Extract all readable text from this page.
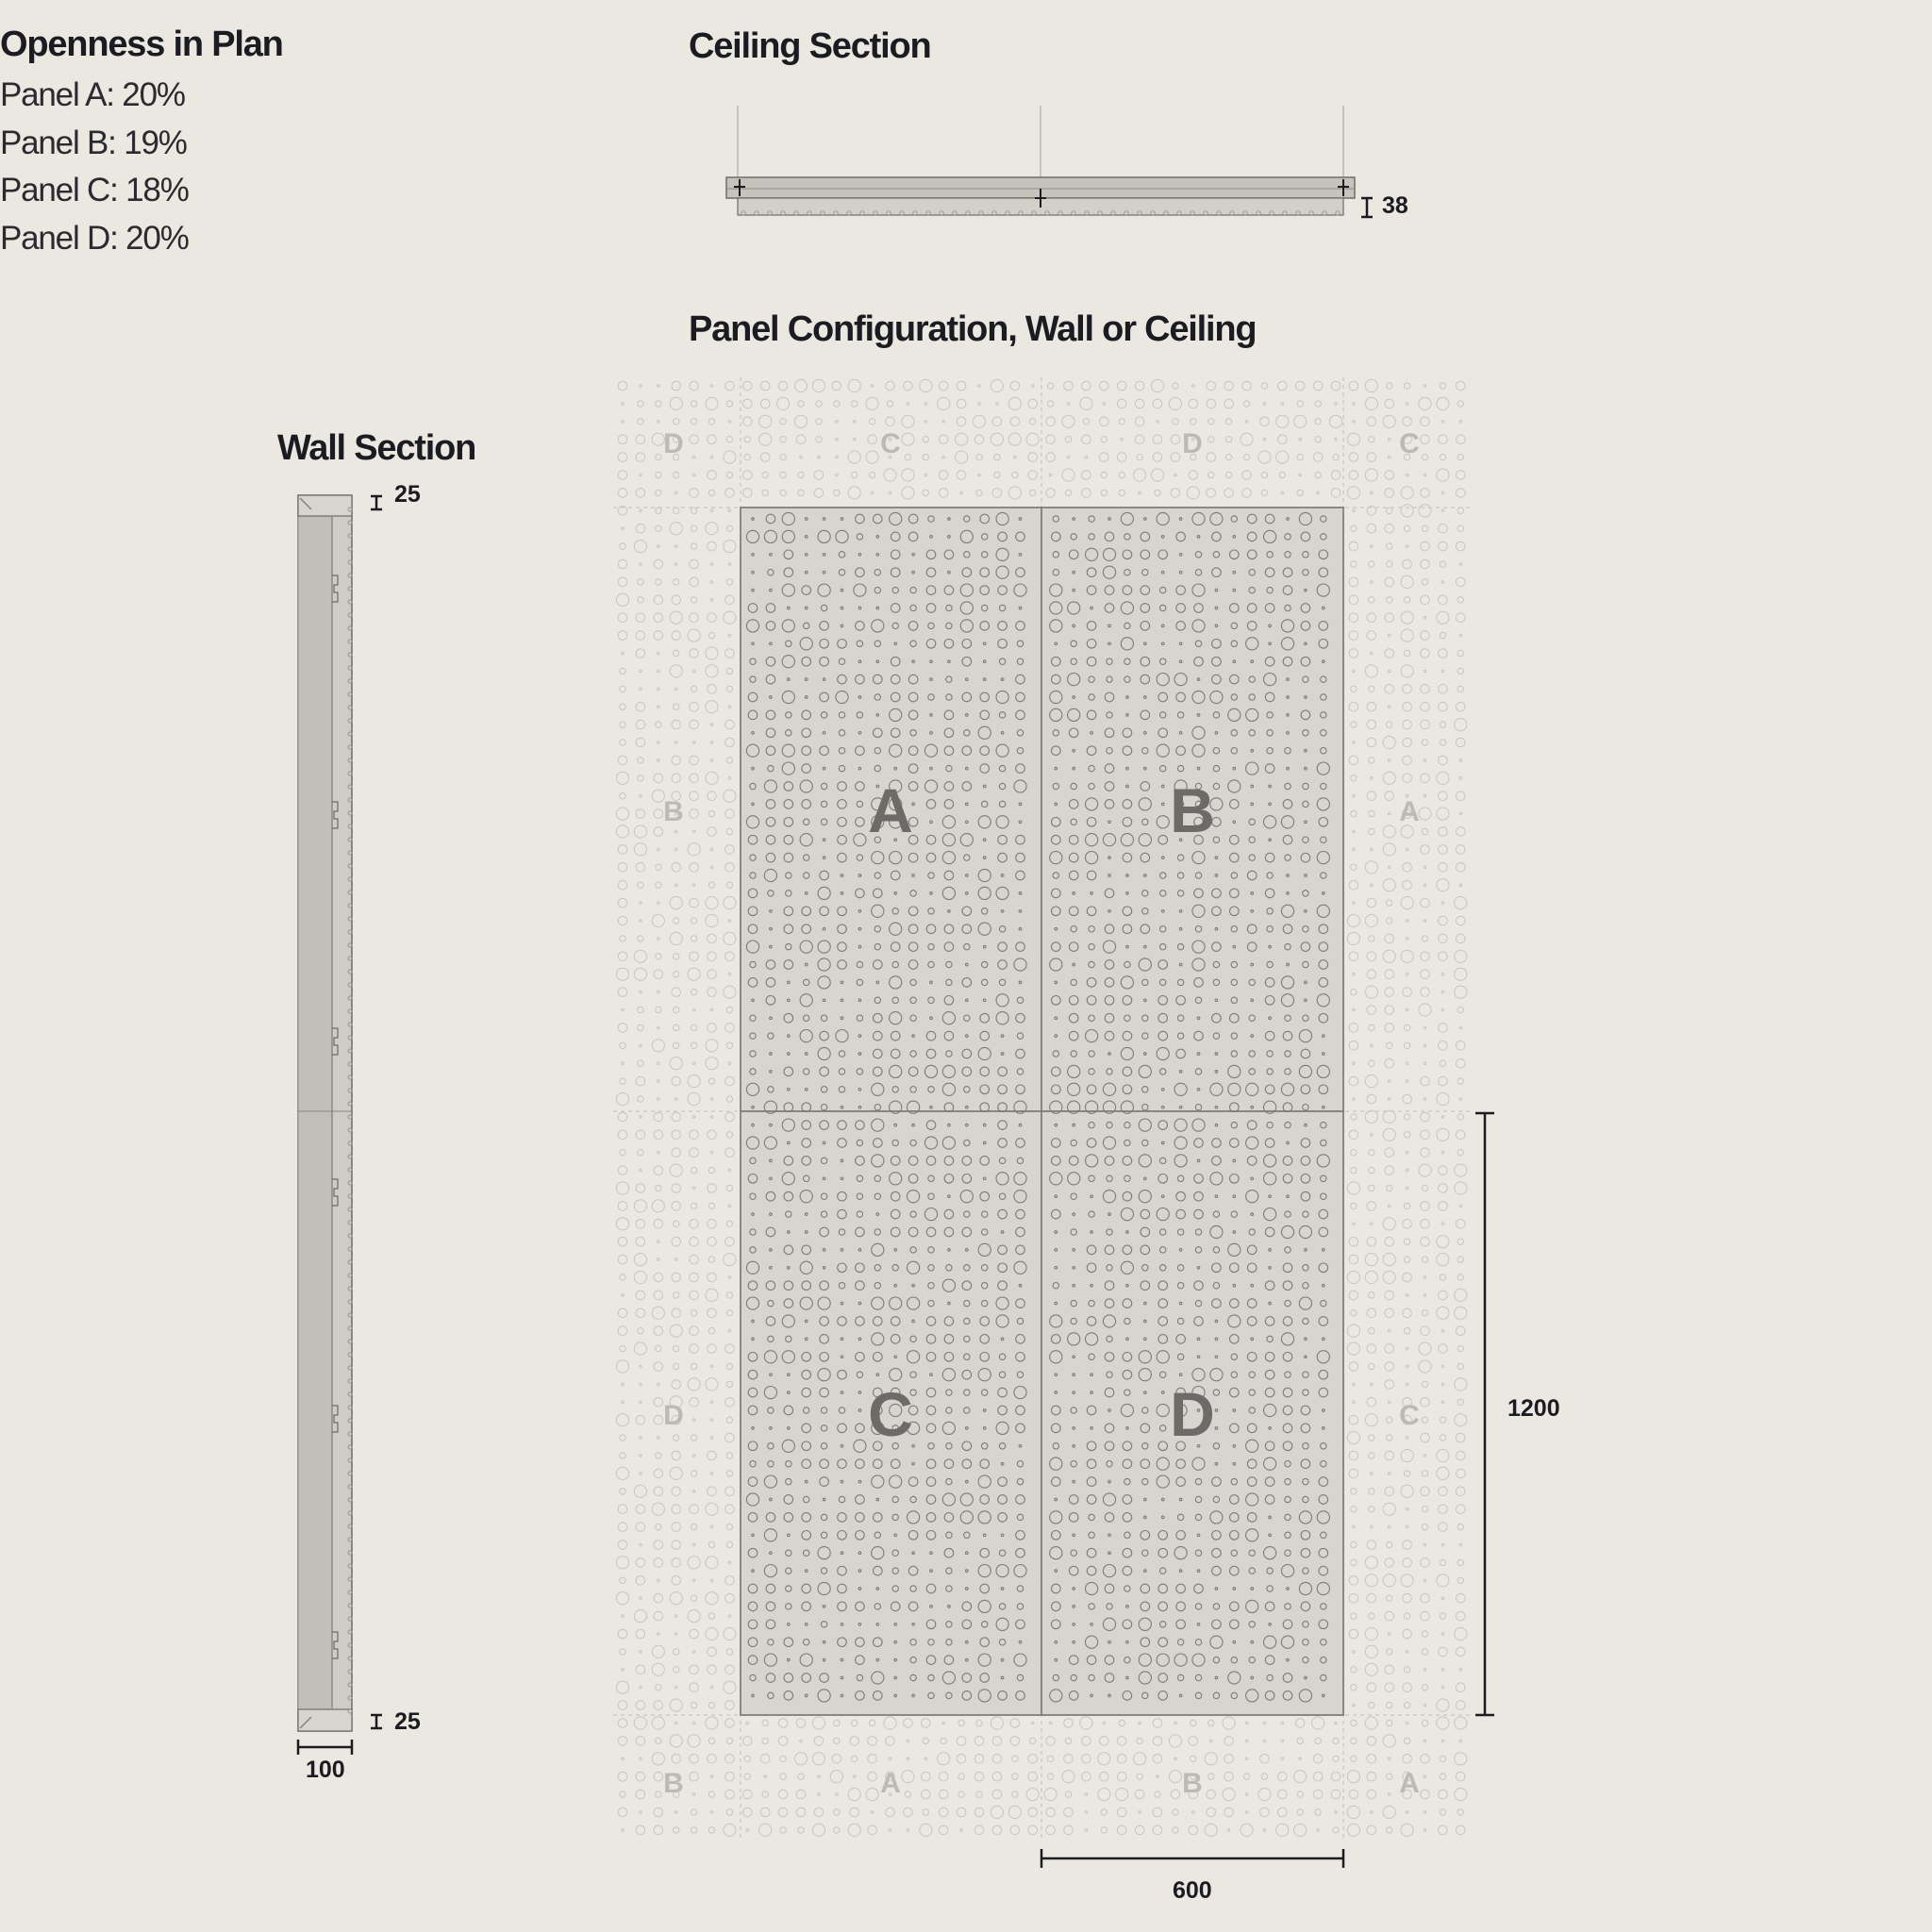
Openness in Plan
Panel A: 20%
Panel B: 19%
Panel C: 18%
Panel D: 20%
Ceiling Section
Panel Configuration, Wall or Ceiling
Wall Section	D	C	D	C
B	A
D	C
B	A	B	A
A	B
C	D
38
25
25
100
1200
600
